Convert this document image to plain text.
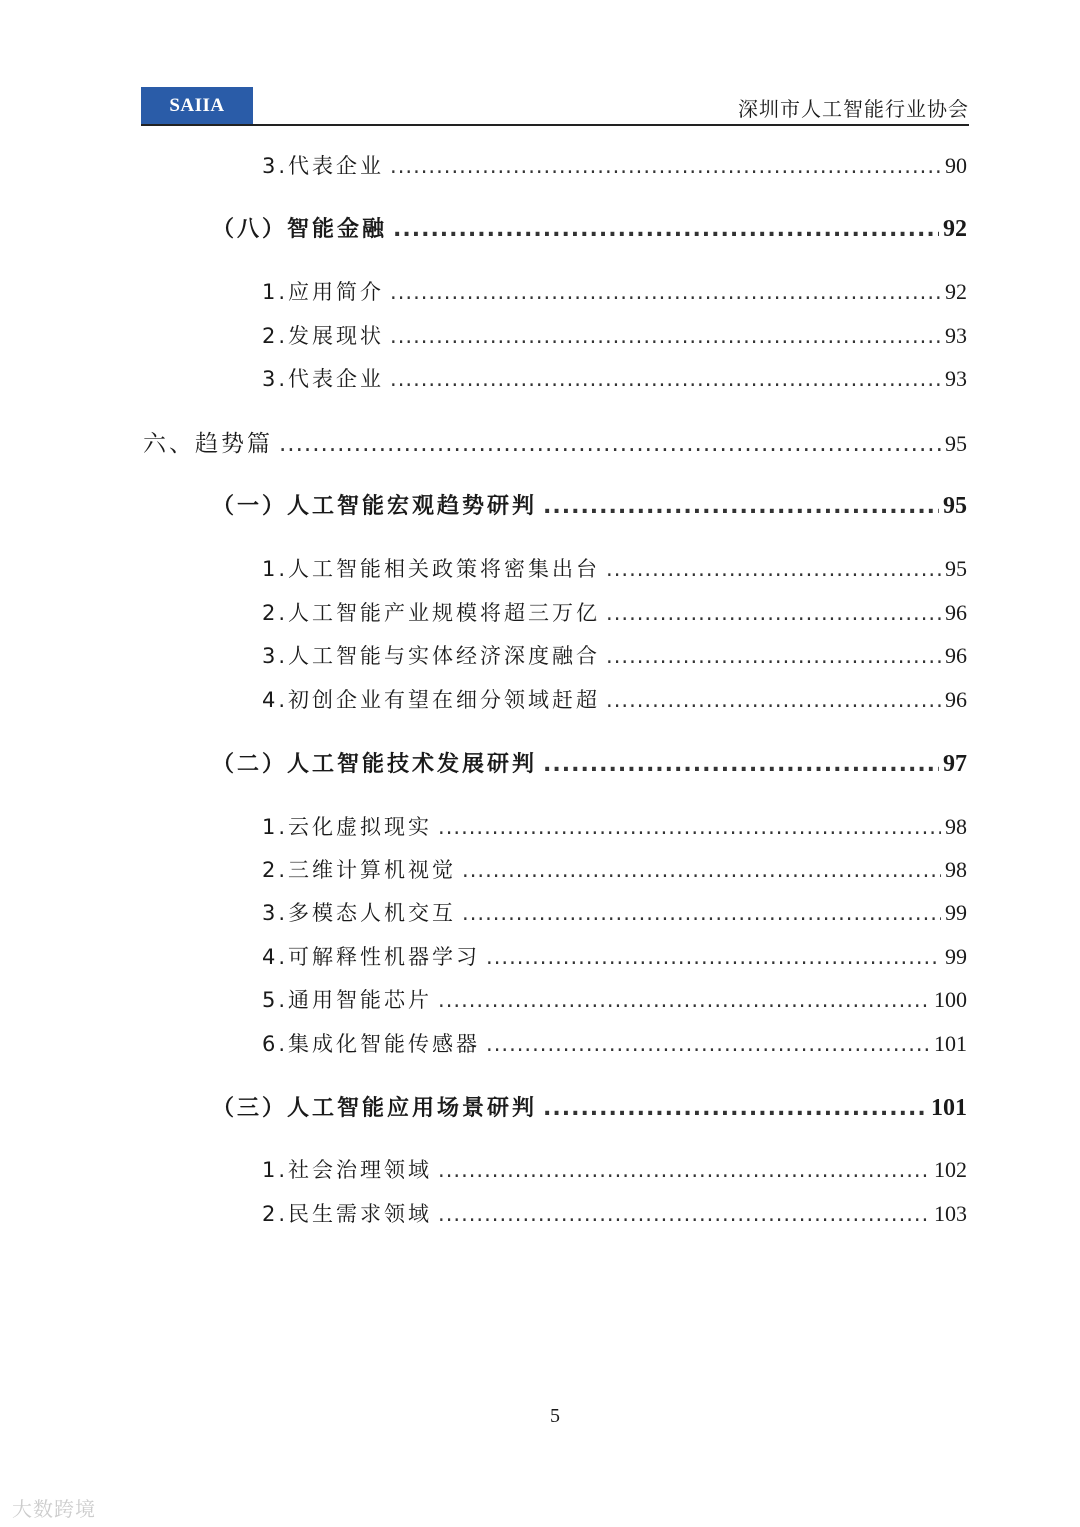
SAIIA	深圳市人工智能行业协会
3.代表企业 .....	90
（八）智能金融 .....	92
1.应用简介 .....	92
2.发展现状 .....	93
3.代表企业 .....	93
六、趋势篇 .....	95
（一）人工智能宏观趋势研判 .....	95
1.人工智能相关政策将密集出台 .....	95
2.人工智能产业规模将超三万亿 .....	96
3.人工智能与实体经济深度融合 .....	96
4.初创企业有望在细分领域赶超 .....	96
（二）人工智能技术发展研判 .....	97
1.云化虚拟现实 .....	98
2.三维计算机视觉 .....	98
3.多模态人机交互 .....	99
4.可解释性机器学习 .....	99
5.通用智能芯片 .....	100
6.集成化智能传感器 .....	101
（三）人工智能应用场景研判 .....	101
1.社会治理领域 .....	102
2.民生需求领域 .....	103
5
大数跨境
